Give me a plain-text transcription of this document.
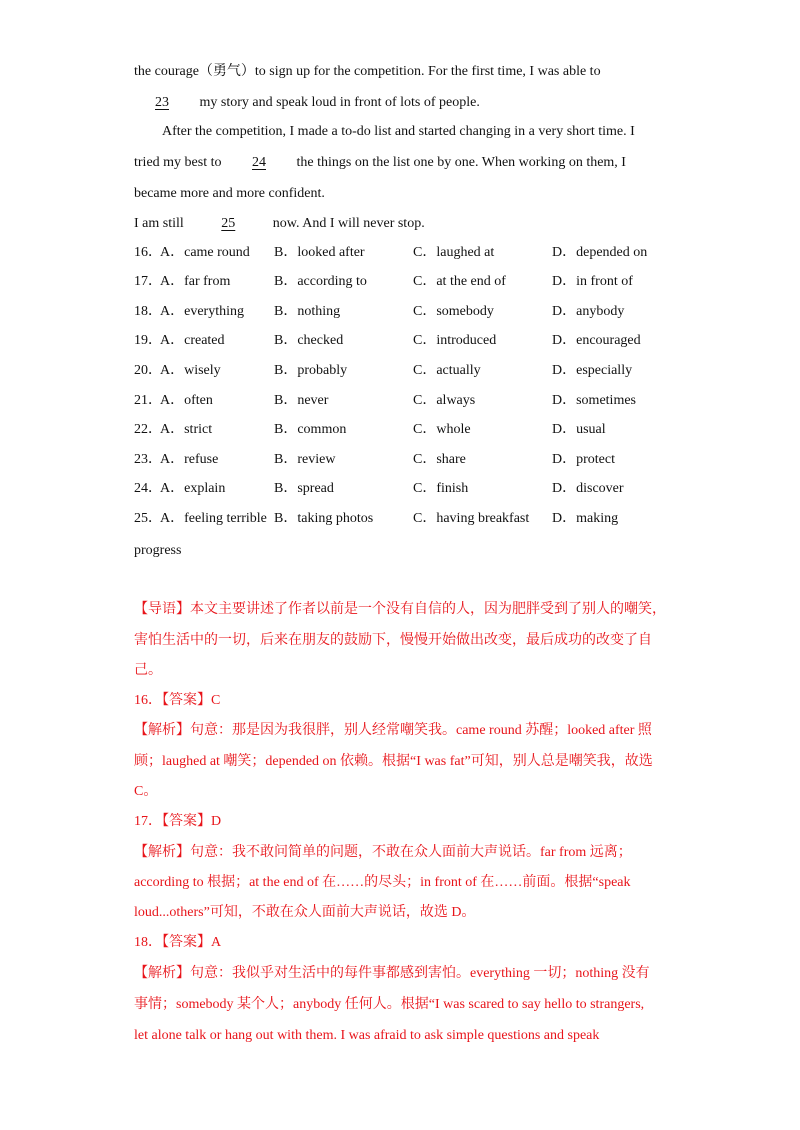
the courage（勇气）to sign up for the competition. For the first time, I was able to
23 my story and speak loud in front of lots of people.
After the competition, I made a to-do list and started changing in a very short time. I
tried my best to 24 the things on the list one by one. When working on them, I
became more and more confident.
I am still	25	now. And I will never stop.
16．
A．came round B．looked after	C．laughed at	D．depended on
17．
A．far from	B．according to	C．at the end of	D．in front of
18．
A．everything B．nothing	C．somebody	D．anybody
19．
A．created	B．checked	C．introduced	D．encouraged
20．
A．wisely	B．probably	C．actually	D．especially
21．
A．often	B．never	C．always	D．sometimes
22．
A．strict	B．common	C．whole	D．usual
23．
A．refuse	B．review	C．share	D．protect
24．
A．explain	B．spread	C．finish	D．discover
25．
A．feeling terrible B．taking photos	C．having breakfast D．making
progress
【导语】本文主要讲述了作者以前是一个没有自信的人，因为肥胖受到了别人的嘲笑，
害怕生活中的一切，后来在朋友的鼓励下，慢慢开始做出改变，最后成功的改变了自
己。
16．【答案】C
【解析】句意：那是因为我很胖，别人经常嘲笑我。came round 苏醒；looked after 照
顾；laughed at 嘲笑；depended on 依赖。根据“I was fat”可知，别人总是嘲笑我，故选
C。
17．【答案】D
【解析】句意：我不敢问简单的问题，不敢在众人面前大声说话。far from 远离；
according to 根据；at the end of 在……的尽头；in front of 在……前面。根据“speak
loud...others”可知，不敢在众人面前大声说话，故选 D。
18．【答案】A
【解析】句意：我似乎对生活中的每件事都感到害怕。everything 一切；nothing 没有
事情；somebody 某个人；anybody 任何人。根据“I was scared to say hello to strangers,
let alone talk or hang out with them. I was afraid to ask simple questions and speak
